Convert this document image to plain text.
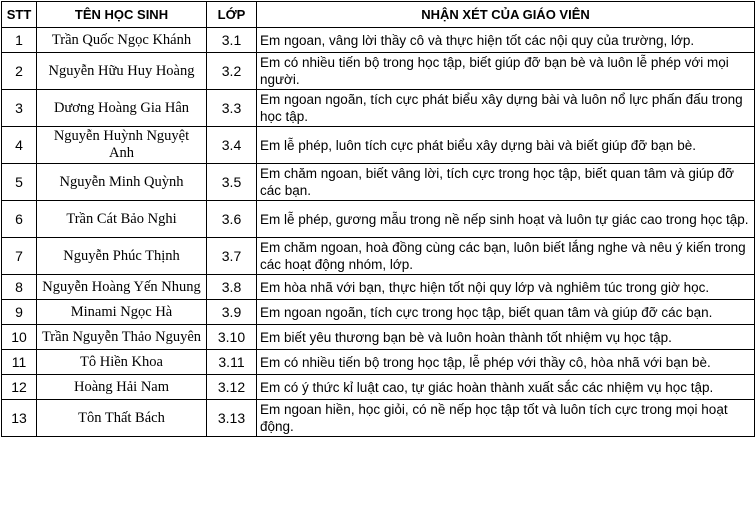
STT	TÊN HỌC SINH	LỚP	NHẬN XÉT CỦA GIÁO VIÊN
1	Trần Quốc Ngọc Khánh	3.1	Em ngoan, vâng lời thầy cô và thực hiện tốt các nội quy của trường, lớp.
2	Nguyễn Hữu Huy Hoàng	3.2	Em có nhiều tiến bộ trong học tập, biết giúp đỡ bạn bè và luôn lễ phép với mọi người.
3	Dương Hoàng Gia Hân	3.3	Em ngoan ngoãn, tích cực phát biểu xây dựng bài và luôn nổ lực phấn đấu trong học tập.
4	Nguyễn Huỳnh Nguyệt Anh	3.4	Em lễ phép, luôn tích cực phát biểu xây dựng bài và biết giúp đỡ bạn bè.
5	Nguyễn Minh Quỳnh	3.5	Em chăm ngoan, biết vâng lời, tích cực trong học tập, biết quan tâm và giúp đỡ các bạn.
6	Trần Cát Bảo Nghi	3.6	Em lễ phép, gương mẫu trong nề nếp sinh hoạt và luôn tự giác cao trong học tập.
7	Nguyễn Phúc Thịnh	3.7	Em chăm ngoan, hoà đồng cùng các bạn, luôn biết lắng nghe và nêu ý kiến trong các hoạt động nhóm, lớp.
8	Nguyễn Hoàng Yến Nhung	3.8	Em hòa nhã với bạn, thực hiện tốt nội quy lớp và nghiêm túc trong giờ học.
9	Minami Ngọc Hà	3.9	Em ngoan ngoãn, tích cực trong học tập, biết quan tâm và giúp đỡ các bạn.
10	Trần Nguyễn Thảo Nguyên	3.10	Em biết yêu thương bạn bè và luôn hoàn thành tốt nhiệm vụ học tập.
11	Tô Hiền Khoa	3.11	Em có nhiều tiến bộ trong học tập, lễ phép với thầy cô, hòa nhã với bạn bè.
12	Hoàng Hải Nam	3.12	Em có ý thức kỉ luật cao, tự giác hoàn thành xuất sắc các nhiệm vụ học tập.
13	Tôn Thất Bách	3.13	Em ngoan hiền, học giỏi, có nề nếp học tập tốt và luôn tích cực trong mọi hoạt động.
